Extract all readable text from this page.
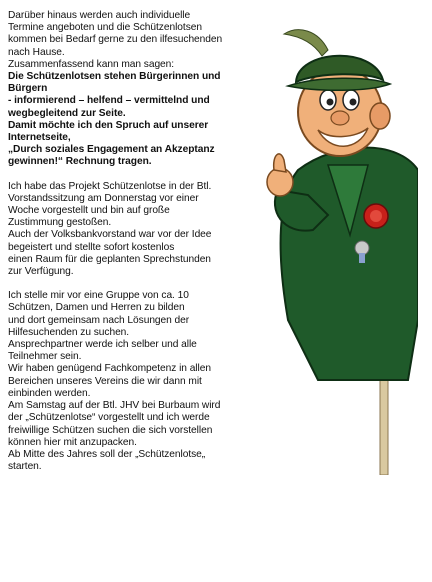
Darüber hinaus werden auch individuelle
Termine angeboten und die Schützenlotsen
kommen bei Bedarf gerne zu den ilfesuchenden
nach Hause.
Zusammenfassend kann man sagen:

Die Schützenlotsen stehen Bürgerinnen und
Bürgern
- informierend – helfend – vermittelnd und
wegbegleitend zur Seite.
Damit möchte ich den Spruch auf unserer
Internetseite,
„Durch soziales Engagement an Akzeptanz
gewinnen!“ Rechnung tragen.

Ich habe das Projekt Schützenlotse in der Btl.
Vorstandssitzung am Donnerstag vor einer
Woche vorgestellt und bin auf große
Zustimmung gestoßen.
Auch der Volksbankvorstand war vor der Idee
begeistert und stellte sofort kostenlos
einen Raum für die geplanten Sprechstunden
zur Verfügung.

Ich stelle mir vor eine Gruppe von ca. 10
Schützen, Damen und Herren zu bilden
und dort gemeinsam nach Lösungen der
Hilfesuchenden zu suchen.
Ansprechpartner werde ich selber und alle
Teilnehmer sein.
Wir haben genügend Fachkompetenz in allen
Bereichen unseres Vereins die wir dann mit
einbinden werden.
Am Samstag auf der Btl. JHV bei Burbaum wird
der „Schützenlotse“ vorgestellt und ich werde
freiwillige Schützen suchen die sich vorstellen
können hier mit anzupacken.
Ab Mitte des Jahres soll der „Schützenlotse„
starten.
